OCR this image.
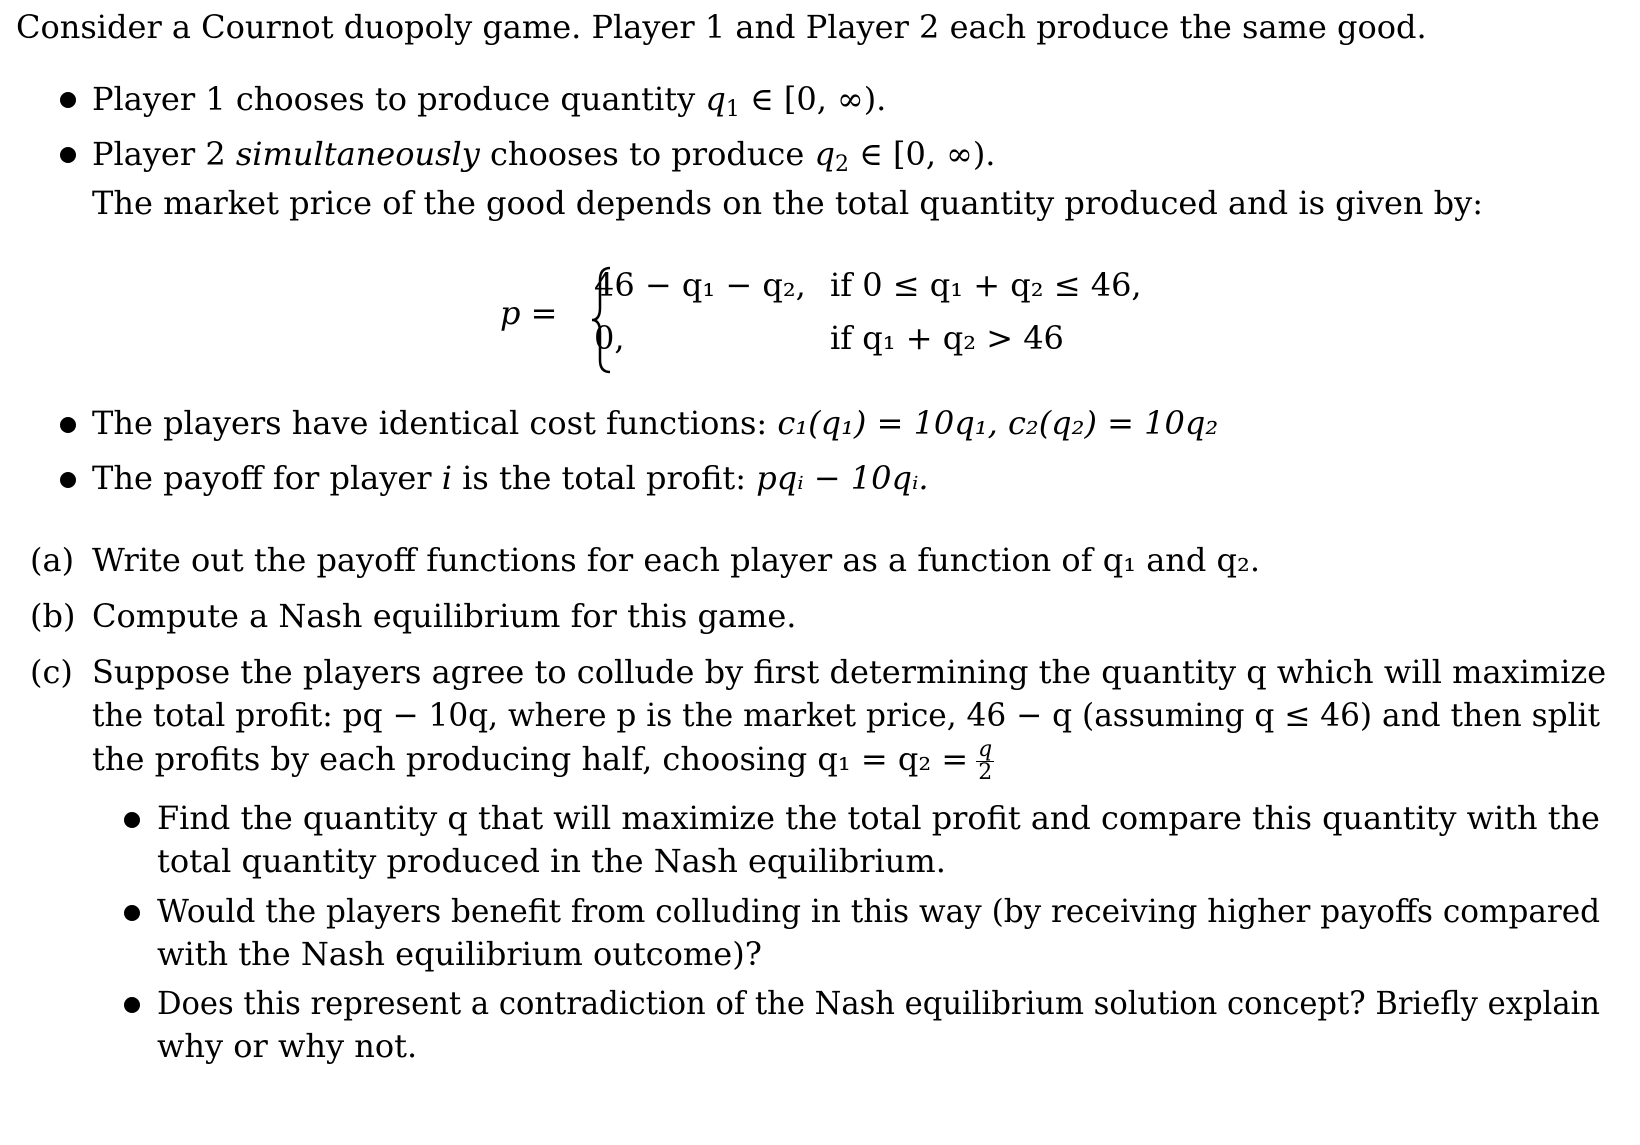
Consider a Cournot duopoly game. Player 1 and Player 2 each produce the same good.
Player 1 chooses to produce quantity $q_1$ ∈ [0, ∞).
Player 2 simultaneously chooses to produce $q_2$ ∈ [0, ∞).
The market price of the good depends on the total quantity produced and is given by:
p =
46 − q₁ − q₂, if 0 ≤ q₁ + q₂ ≤ 46,
0,	if q₁ + q₂ > 46
The players have identical cost functions: c₁(q₁) = 10q₁, c₂(q₂) = 10q₂
The payoff for player i is the total profit: pqᵢ − 10qᵢ.
(a) Write out the payoff functions for each player as a function of q₁ and q₂.
(b) Compute a Nash equilibrium for this game.
(c) Suppose the players agree to collude by first determining the quantity q which will maximize
the total profit: pq − 10q, where p is the market price, 46 − q (assuming q ≤ 46) and then split
the profits by each producing half, choosing $q_1 = q_2 = \frac{q}{2}$
Find the quantity q that will maximize the total profit and compare this quantity with the
total quantity produced in the Nash equilibrium.
Would the players benefit from colluding in this way (by receiving higher payoffs compared
with the Nash equilibrium outcome)?
Does this represent a contradiction of the Nash equilibrium solution concept? Briefly explain
why or why not.
